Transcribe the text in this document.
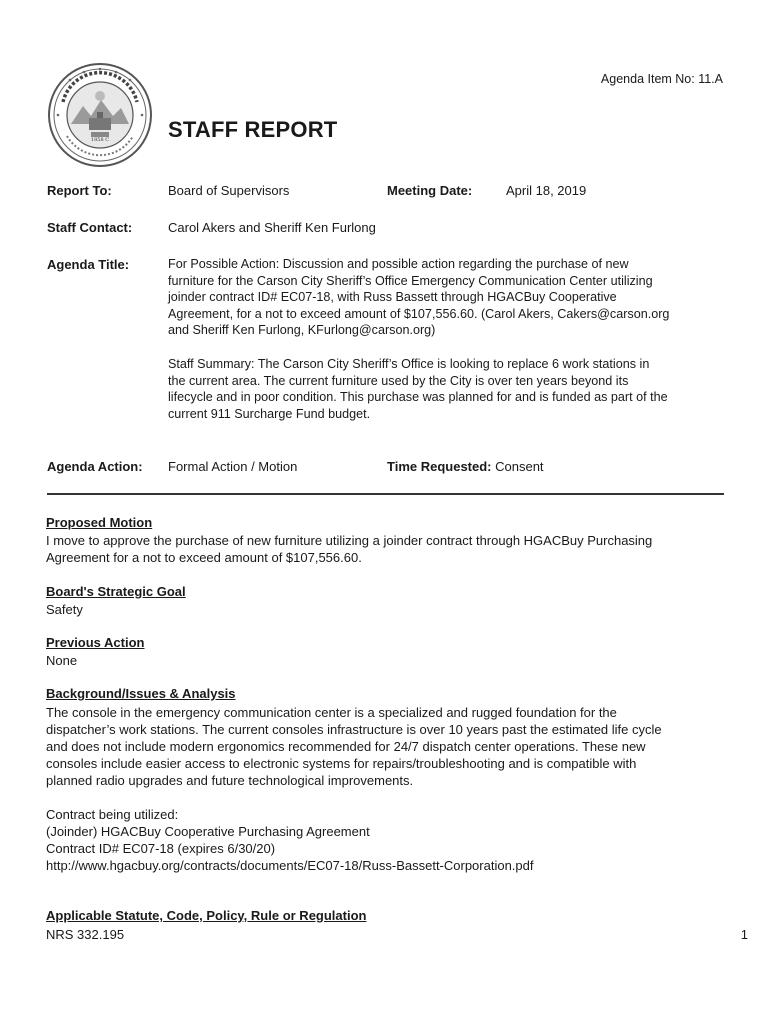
Agenda Item No: 11.A
1858 C	STAFF REPORT
Report To:	Board of Supervisors	Meeting Date:	April 18, 2019
Staff Contact:	Carol Akers and Sheriff Ken Furlong
Agenda Title:	For Possible Action: Discussion and possible action regarding the purchase of new
furniture for the Carson City Sheriff’s Office Emergency Communication Center utilizing
joinder contract ID# EC07-18, with Russ Bassett through HGACBuy Cooperative
Agreement, for a not to exceed amount of $107,556.60. (Carol Akers, Cakers@carson.org
and Sheriff Ken Furlong, KFurlong@carson.org)
Staff Summary: The Carson City Sheriff’s Office is looking to replace 6 work stations in
the current area. The current furniture used by the City is over ten years beyond its
lifecycle and in poor condition. This purchase was planned for and is funded as part of the
current 911 Surcharge Fund budget.
Agenda Action: Formal Action / Motion	Time Requested: Consent
Proposed Motion
I move to approve the purchase of new furniture utilizing a joinder contract through HGACBuy Purchasing
Agreement for a not to exceed amount of $107,556.60.
Board's Strategic Goal
Safety
Previous Action
None
Background/Issues & Analysis
The console in the emergency communication center is a specialized and rugged foundation for the
dispatcher’s work stations. The current consoles infrastructure is over 10 years past the estimated life cycle
and does not include modern ergonomics recommended for 24/7 dispatch center operations. These new
consoles include easier access to electronic systems for repairs/troubleshooting and is compatible with
planned radio upgrades and future technological improvements.
Contract being utilized:
(Joinder) HGACBuy Cooperative Purchasing Agreement
Contract ID# EC07-18 (expires 6/30/20)
http://www.hgacbuy.org/contracts/documents/EC07-18/Russ-Bassett-Corporation.pdf
Applicable Statute, Code, Policy, Rule or Regulation
NRS 332.195	1
